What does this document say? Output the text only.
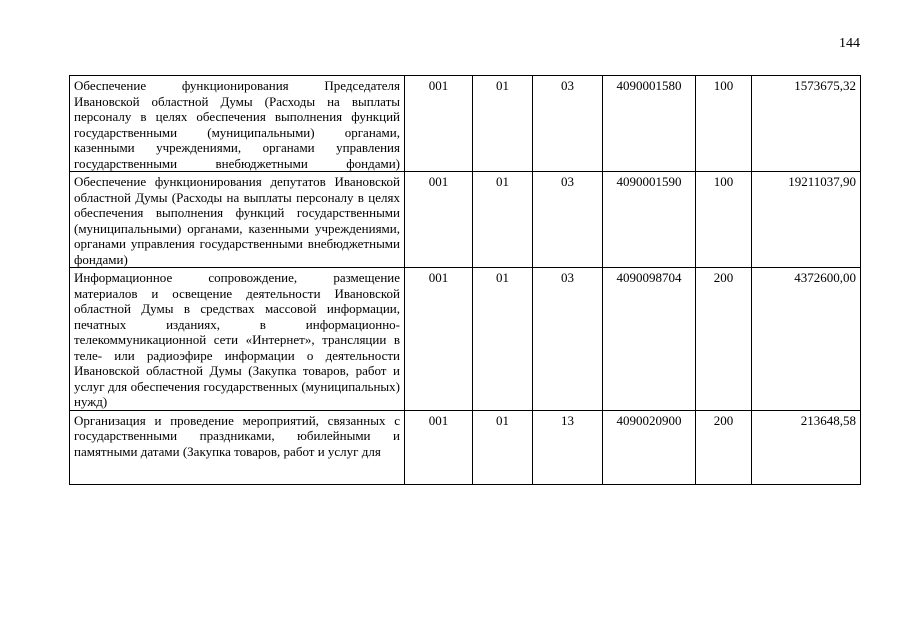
144
Обеспечение функционирования Председателя Ивановской областной Думы (Расходы на выплаты персоналу в целях обеспечения выполнения функций государственными (муниципальными) органами, казенными учреждениями, органами управления государственными внебюджетными фондами)	001	01	03	4090001580	100	1573675,32
Обеспечение функционирования депутатов Ивановской областной Думы (Расходы на выплаты персоналу в целях обеспечения выполнения функций государственными (муниципальными) органами, казенными учреждениями, органами управления государственными внебюджетными фондами)	001	01	03	4090001590	100	19211037,90
Информационное сопровождение, размещение материалов и освещение деятельности Ивановской областной Думы в средствах массовой информации, печатных изданиях, в информационно-телекоммуникационной сети «Интернет», трансляции в теле- или радиоэфире информации о деятельности Ивановской областной Думы (Закупка товаров, работ и услуг для обеспечения государственных (муниципальных) нужд)	001	01	03	4090098704	200	4372600,00

Организация и проведение мероприятий, связанных с государственными праздниками, юбилейными и памятными датами (Закупка товаров, работ и услуг для	001	01	13	4090020900	200	213648,58
